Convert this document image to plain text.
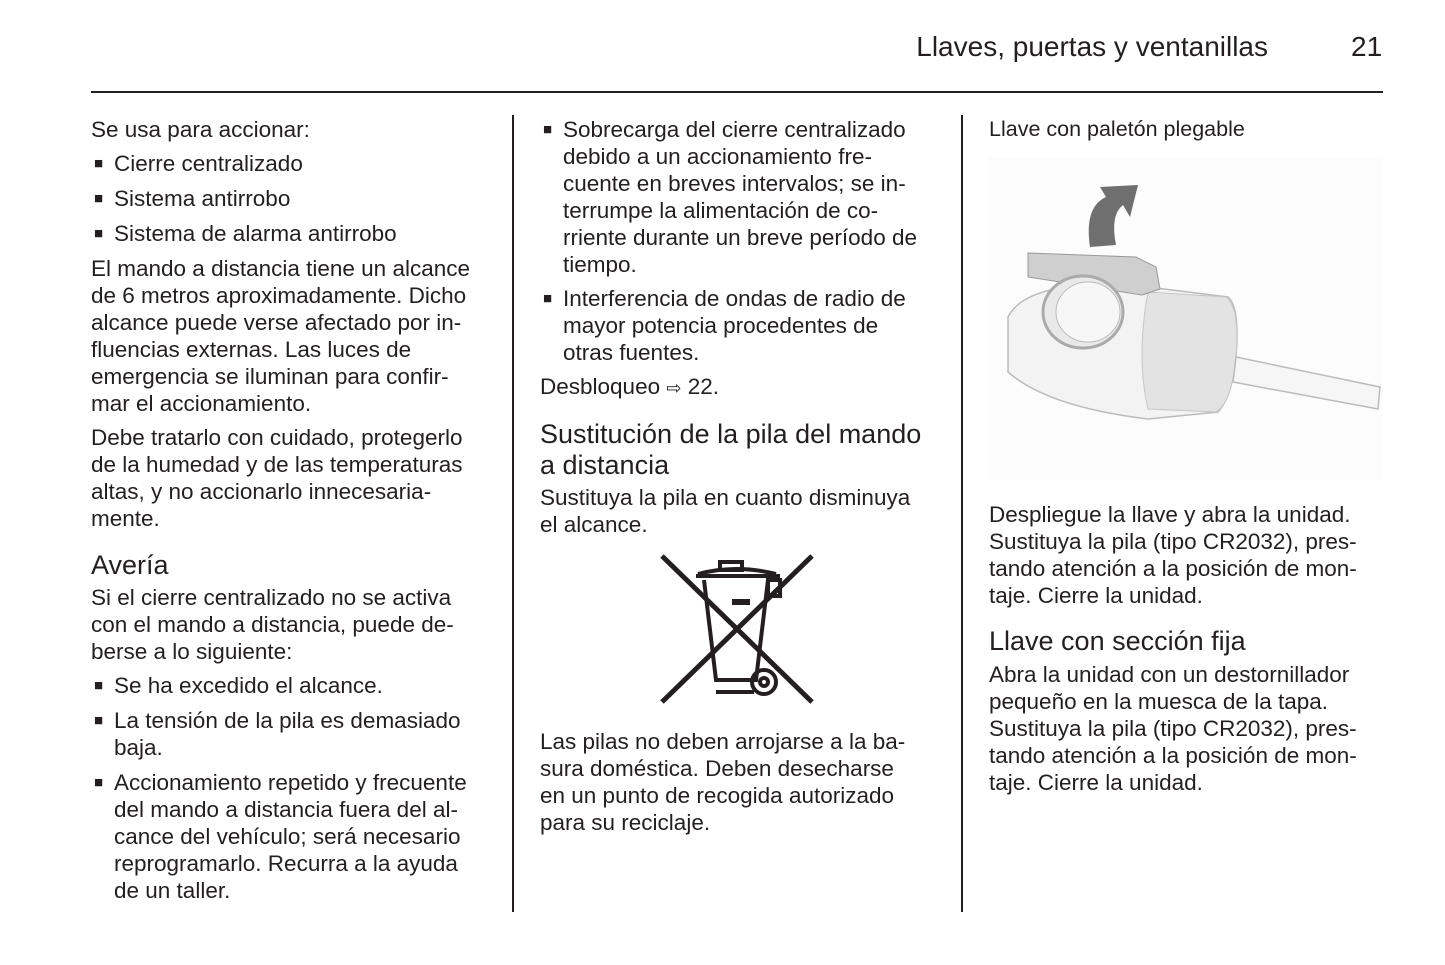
Llaves, puertas y ventanillas	21
Se usa para accionar:
■ Cierre centralizado
■ Sistema antirrobo
■ Sistema de alarma antirrobo
El mando a distancia tiene un alcance
de 6 metros aproximadamente. Dicho
alcance puede verse afectado por in-
fluencias externas. Las luces de
emergencia se iluminan para confir-
mar el accionamiento.
Debe tratarlo con cuidado, protegerlo
de la humedad y de las temperaturas
altas, y no accionarlo innecesaria-
mente.
Avería
Si el cierre centralizado no se activa
con el mando a distancia, puede de-
berse a lo siguiente:
■ Se ha excedido el alcance.
■ La tensión de la pila es demasiado
baja.
■ Accionamiento repetido y frecuente
del mando a distancia fuera del al-
cance del vehículo; será necesario
reprogramarlo. Recurra a la ayuda
de un taller.
■ Sobrecarga del cierre centralizado
debido a un accionamiento fre-
cuente en breves intervalos; se in-
terrumpe la alimentación de co-
rriente durante un breve período de
tiempo.
■ Interferencia de ondas de radio de
mayor potencia procedentes de
otras fuentes.
Desbloqueo ⇨ 22.
Sustitución de la pila del mando
a distancia
Sustituya la pila en cuanto disminuya
el alcance.
Las pilas no deben arrojarse a la ba-
sura doméstica. Deben desecharse
en un punto de recogida autorizado
para su reciclaje.
Llave con paletón plegable
Despliegue la llave y abra la unidad.
Sustituya la pila (tipo CR2032), pres-
tando atención a la posición de mon-
taje. Cierre la unidad.
Llave con sección fija
Abra la unidad con un destornillador
pequeño en la muesca de la tapa.
Sustituya la pila (tipo CR2032), pres-
tando atención a la posición de mon-
taje. Cierre la unidad.
